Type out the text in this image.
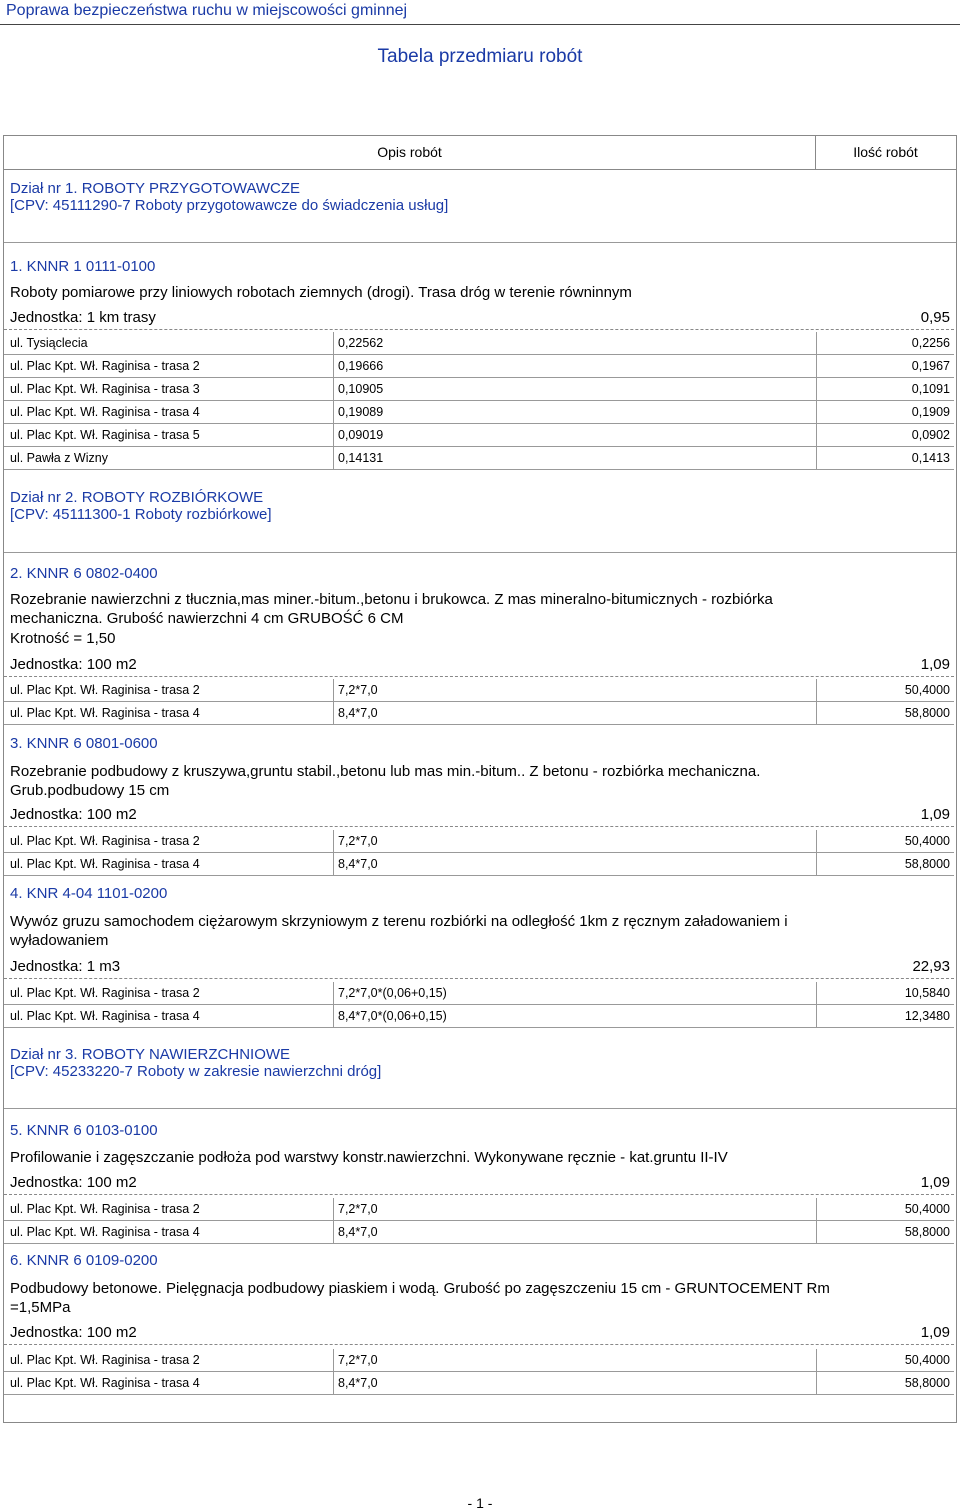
Poprawa bezpieczeństwa ruchu w miejscowości gminnej
Tabela przedmiaru robót
Opis robót	Ilość robót
Dział nr 1. ROBOTY PRZYGOTOWAWCZE
[CPV: 45111290-7 Roboty przygotowawcze do świadczenia usług]
1. KNNR 1 0111-0100
Roboty pomiarowe przy liniowych robotach ziemnych (drogi). Trasa dróg w terenie równinnym
Jednostka: 1 km trasy	0,95
ul. Tysiąclecia	0,22562	0,2256
ul. Plac Kpt. Wł. Raginisa - trasa 2	0,19666	0,1967
ul. Plac Kpt. Wł. Raginisa - trasa 3	0,10905	0,1091
ul. Plac Kpt. Wł. Raginisa - trasa 4	0,19089	0,1909
ul. Plac Kpt. Wł. Raginisa - trasa 5	0,09019	0,0902
ul. Pawła z Wizny	0,14131	0,1413
Dział nr 2. ROBOTY ROZBIÓRKOWE
[CPV: 45111300-1 Roboty rozbiórkowe]
2. KNNR 6 0802-0400
Rozebranie nawierzchni z tłucznia,mas miner.-bitum.,betonu i brukowca. Z mas mineralno-bitumicznych - rozbiórka mechaniczna. Grubość nawierzchni 4 cm GRUBOŚĆ 6 CM
Krotność = 1,50
Jednostka: 100 m2	1,09
ul. Plac Kpt. Wł. Raginisa - trasa 2	7,2*7,0	50,4000
ul. Plac Kpt. Wł. Raginisa - trasa 4	8,4*7,0	58,8000
3. KNNR 6 0801-0600
Rozebranie podbudowy z kruszywa,gruntu stabil.,betonu lub mas min.-bitum.. Z betonu - rozbiórka mechaniczna. Grub.podbudowy 15 cm
Jednostka: 100 m2	1,09
ul. Plac Kpt. Wł. Raginisa - trasa 2	7,2*7,0	50,4000
ul. Plac Kpt. Wł. Raginisa - trasa 4	8,4*7,0	58,8000
4. KNR 4-04 1101-0200
Wywóz gruzu samochodem ciężarowym skrzyniowym z terenu rozbiórki na odległość 1km z ręcznym załadowaniem i wyładowaniem
Jednostka: 1 m3	22,93
ul. Plac Kpt. Wł. Raginisa - trasa 2	7,2*7,0*(0,06+0,15)	10,5840
ul. Plac Kpt. Wł. Raginisa - trasa 4	8,4*7,0*(0,06+0,15)	12,3480
Dział nr 3. ROBOTY NAWIERZCHNIOWE
[CPV: 45233220-7 Roboty w zakresie nawierzchni dróg]
5. KNNR 6 0103-0100
Profilowanie i zagęszczanie podłoża pod warstwy konstr.nawierzchni. Wykonywane ręcznie - kat.gruntu II-IV
Jednostka: 100 m2	1,09
ul. Plac Kpt. Wł. Raginisa - trasa 2	7,2*7,0	50,4000
ul. Plac Kpt. Wł. Raginisa - trasa 4	8,4*7,0	58,8000
6. KNNR 6 0109-0200
Podbudowy betonowe. Pielęgnacja podbudowy piaskiem i wodą. Grubość po zagęszczeniu 15 cm - GRUNTOCEMENT Rm =1,5MPa
Jednostka: 100 m2	1,09
ul. Plac Kpt. Wł. Raginisa - trasa 2	7,2*7,0	50,4000
ul. Plac Kpt. Wł. Raginisa - trasa 4	8,4*7,0	58,8000
- 1 -
